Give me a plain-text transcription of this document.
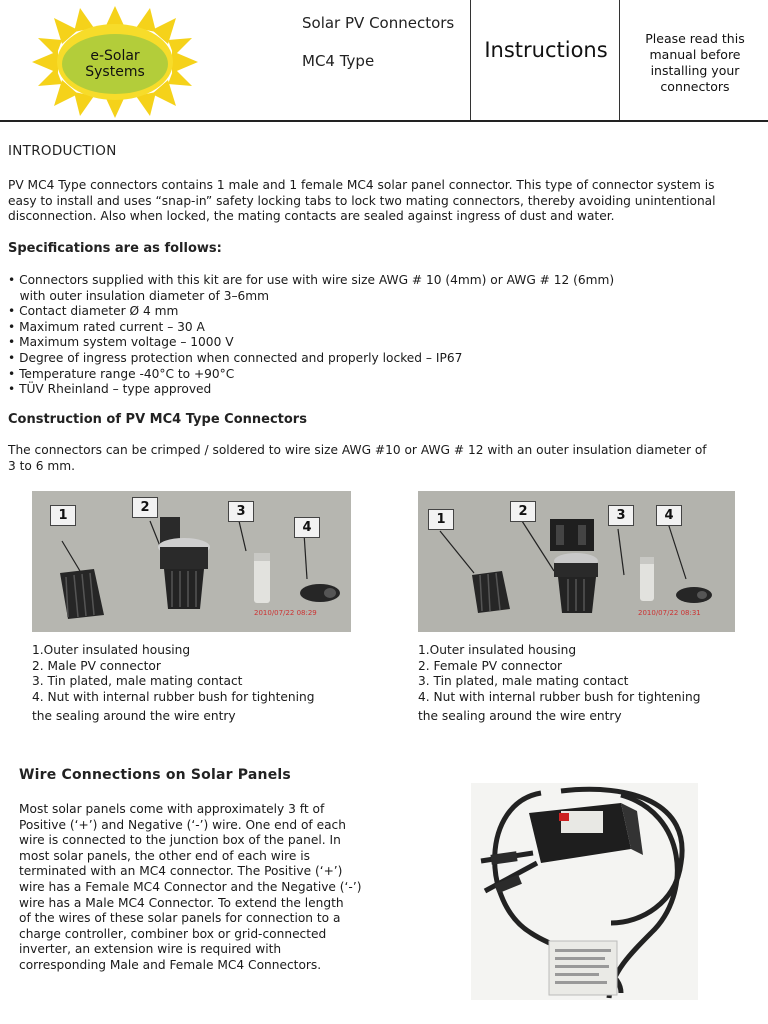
e-Solar
Systems
Solar PV Connectors
MC4 Type	Instructions	Please read this manual before installing your connectors
INTRODUCTION
PV MC4 Type connectors contains 1 male and 1 female MC4 solar panel connector. This type of connector system is
easy to install and uses “snap-in” safety locking tabs to lock two mating connectors, thereby avoiding unintentional
disconnection. Also when locked, the mating contacts are sealed against ingress of dust and water.
Specifications are as follows:
• Connectors supplied with this kit are for use with wire size AWG # 10 (4mm) or AWG # 12 (6mm)
with outer insulation diameter of 3–6mm
• Contact diameter Ø 4 mm
• Maximum rated current – 30 A
• Maximum system voltage – 1000 V
• Degree of ingress protection when connected and properly locked – IP67
• Temperature range -40°C to +90°C
• TÜV Rheinland – type approved
Construction of PV MC4 Type Connectors
The connectors can be crimped / soldered to wire size AWG #10 or AWG # 12 with an outer insulation diameter of
3 to 6 mm.
1
2	3
4
2010/07/22 08:29
1
2	3	4
2010/07/22 08:31
1.Outer insulated housing
2. Male PV connector
3. Tin plated, male mating contact
4. Nut with internal rubber bush for tightening
the sealing around the wire entry
1.Outer insulated housing
2. Female PV connector
3. Tin plated, male mating contact
4. Nut with internal rubber bush for tightening
the sealing around the wire entry
Wire Connections on Solar Panels
Most solar panels come with approximately 3 ft of
Positive (‘+’) and Negative (‘-’) wire. One end of each
wire is connected to the junction box of the panel. In
most solar panels, the other end of each wire is
terminated with an MC4 connector. The Positive (‘+’)
wire has a Female MC4 Connector and the Negative (‘-’)
wire has a Male MC4 Connector. To extend the length
of the wires of these solar panels for connection to a
charge controller, combiner box or grid-connected
inverter, an extension wire is required with
corresponding Male and Female MC4 Connectors.
